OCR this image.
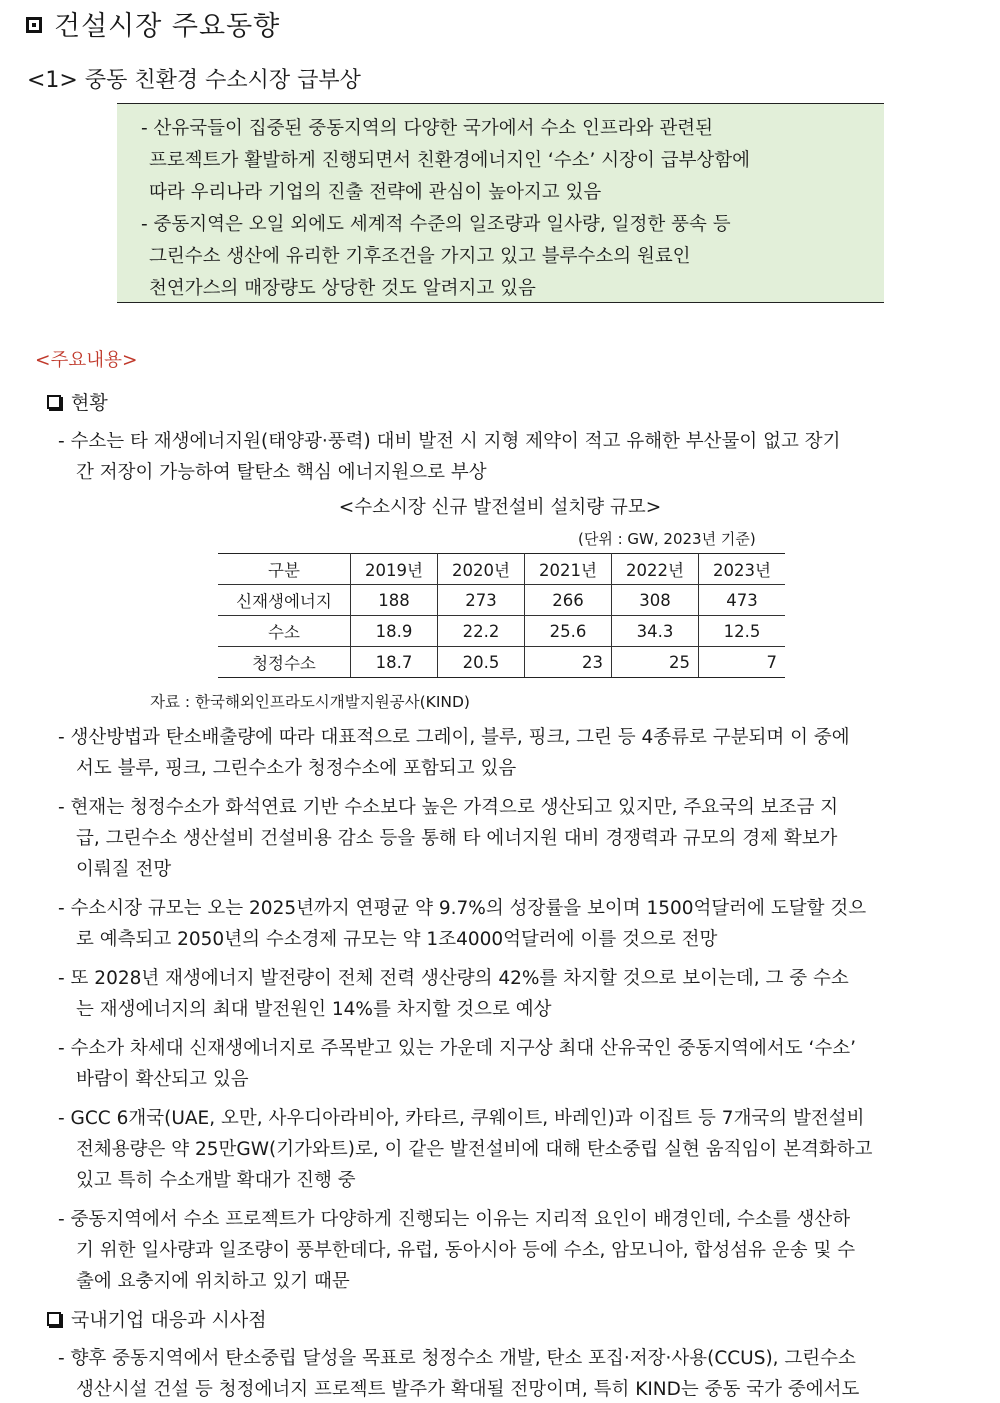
건설시장 주요동향
<1> 중동 친환경 수소시장 급부상
- 산유국들이 집중된 중동지역의 다양한 국가에서 수소 인프라와 관련된
프로젝트가 활발하게 진행되면서 친환경에너지인 ‘수소’ 시장이 급부상함에
따라 우리나라 기업의 진출 전략에 관심이 높아지고 있음
- 중동지역은 오일 외에도 세계적 수준의 일조량과 일사량, 일정한 풍속 등
그린수소 생산에 유리한 기후조건을 가지고 있고 블루수소의 원료인
천연가스의 매장량도 상당한 것도 알려지고 있음
<주요내용>
현황
- 수소는 타 재생에너지원(태양광·풍력) 대비 발전 시 지형 제약이 적고 유해한 부산물이 없고 장기
간 저장이 가능하여 탈탄소 핵심 에너지원으로 부상
<수소시장 신규 발전설비 설치량 규모>
(단위 : GW, 2023년 기준)
구분	2019년	2020년	2021년	2022년	2023년
신재생에너지	188	273	266	308	473
수소	18.9	22.2	25.6	34.3	12.5
청정수소	18.7	20.5	23	25	7
자료 : 한국해외인프라도시개발지원공사(KIND)
- 생산방법과 탄소배출량에 따라 대표적으로 그레이, 블루, 핑크, 그린 등 4종류로 구분되며 이 중에
서도 블루, 핑크, 그린수소가 청정수소에 포함되고 있음
- 현재는 청정수소가 화석연료 기반 수소보다 높은 가격으로 생산되고 있지만, 주요국의 보조금 지
급, 그린수소 생산설비 건설비용 감소 등을 통해 타 에너지원 대비 경쟁력과 규모의 경제 확보가
이뤄질 전망
- 수소시장 규모는 오는 2025년까지 연평균 약 9.7%의 성장률을 보이며 1500억달러에 도달할 것으
로 예측되고 2050년의 수소경제 규모는 약 1조4000억달러에 이를 것으로 전망
- 또 2028년 재생에너지 발전량이 전체 전력 생산량의 42%를 차지할 것으로 보이는데, 그 중 수소
는 재생에너지의 최대 발전원인 14%를 차지할 것으로 예상
- 수소가 차세대 신재생에너지로 주목받고 있는 가운데 지구상 최대 산유국인 중동지역에서도 ‘수소’
바람이 확산되고 있음
- GCC 6개국(UAE, 오만, 사우디아라비아, 카타르, 쿠웨이트, 바레인)과 이집트 등 7개국의 발전설비
전체용량은 약 25만GW(기가와트)로, 이 같은 발전설비에 대해 탄소중립 실현 움직임이 본격화하고
있고 특히 수소개발 확대가 진행 중
- 중동지역에서 수소 프로젝트가 다양하게 진행되는 이유는 지리적 요인이 배경인데, 수소를 생산하
기 위한 일사량과 일조량이 풍부한데다, 유럽, 동아시아 등에 수소, 암모니아, 합성섬유 운송 및 수
출에 요충지에 위치하고 있기 때문
국내기업 대응과 시사점
- 향후 중동지역에서 탄소중립 달성을 목표로 청정수소 개발, 탄소 포집·저장·사용(CCUS), 그린수소
생산시설 건설 등 청정에너지 프로젝트 발주가 확대될 전망이며, 특히 KIND는 중동 국가 중에서도
